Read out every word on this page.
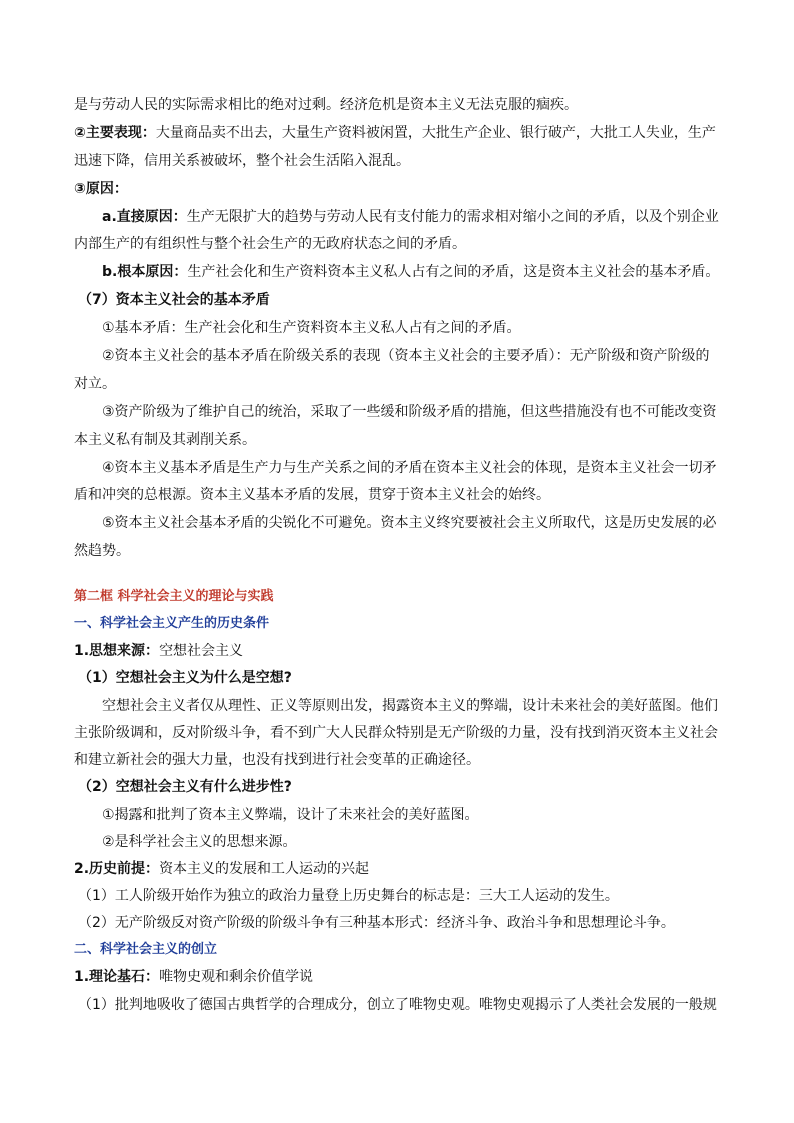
是与劳动人民的实际需求相比的绝对过剩。经济危机是资本主义无法克服的痼疾。
②主要表现：大量商品卖不出去，大量生产资料被闲置，大批生产企业、银行破产，大批工人失业，生产
迅速下降，信用关系被破坏，整个社会生活陷入混乱。
③原因：
a.直接原因：生产无限扩大的趋势与劳动人民有支付能力的需求相对缩小之间的矛盾，以及个别企业
内部生产的有组织性与整个社会生产的无政府状态之间的矛盾。
b.根本原因：生产社会化和生产资料资本主义私人占有之间的矛盾，这是资本主义社会的基本矛盾。
（7）资本主义社会的基本矛盾
①基本矛盾：生产社会化和生产资料资本主义私人占有之间的矛盾。
②资本主义社会的基本矛盾在阶级关系的表现（资本主义社会的主要矛盾）：无产阶级和资产阶级的
对立。
③资产阶级为了维护自己的统治，采取了一些缓和阶级矛盾的措施，但这些措施没有也不可能改变资
本主义私有制及其剥削关系。
④资本主义基本矛盾是生产力与生产关系之间的矛盾在资本主义社会的体现，是资本主义社会一切矛
盾和冲突的总根源。资本主义基本矛盾的发展，贯穿于资本主义社会的始终。
⑤资本主义社会基本矛盾的尖锐化不可避免。资本主义终究要被社会主义所取代，这是历史发展的必
然趋势。
第二框 科学社会主义的理论与实践
一、科学社会主义产生的历史条件
1.思想来源：空想社会主义
（1）空想社会主义为什么是空想?
空想社会主义者仅从理性、正义等原则出发，揭露资本主义的弊端，设计未来社会的美好蓝图。他们
主张阶级调和，反对阶级斗争，看不到广大人民群众特别是无产阶级的力量，没有找到消灭资本主义社会
和建立新社会的强大力量，也没有找到进行社会变革的正确途径。
（2）空想社会主义有什么进步性?
①揭露和批判了资本主义弊端，设计了未来社会的美好蓝图。
②是科学社会主义的思想来源。
2.历史前提：资本主义的发展和工人运动的兴起
（1）工人阶级开始作为独立的政治力量登上历史舞台的标志是：三大工人运动的发生。
（2）无产阶级反对资产阶级的阶级斗争有三种基本形式：经济斗争、政治斗争和思想理论斗争。
二、科学社会主义的创立
1.理论基石：唯物史观和剩余价值学说
（1）批判地吸收了德国古典哲学的合理成分，创立了唯物史观。唯物史观揭示了人类社会发展的一般规
